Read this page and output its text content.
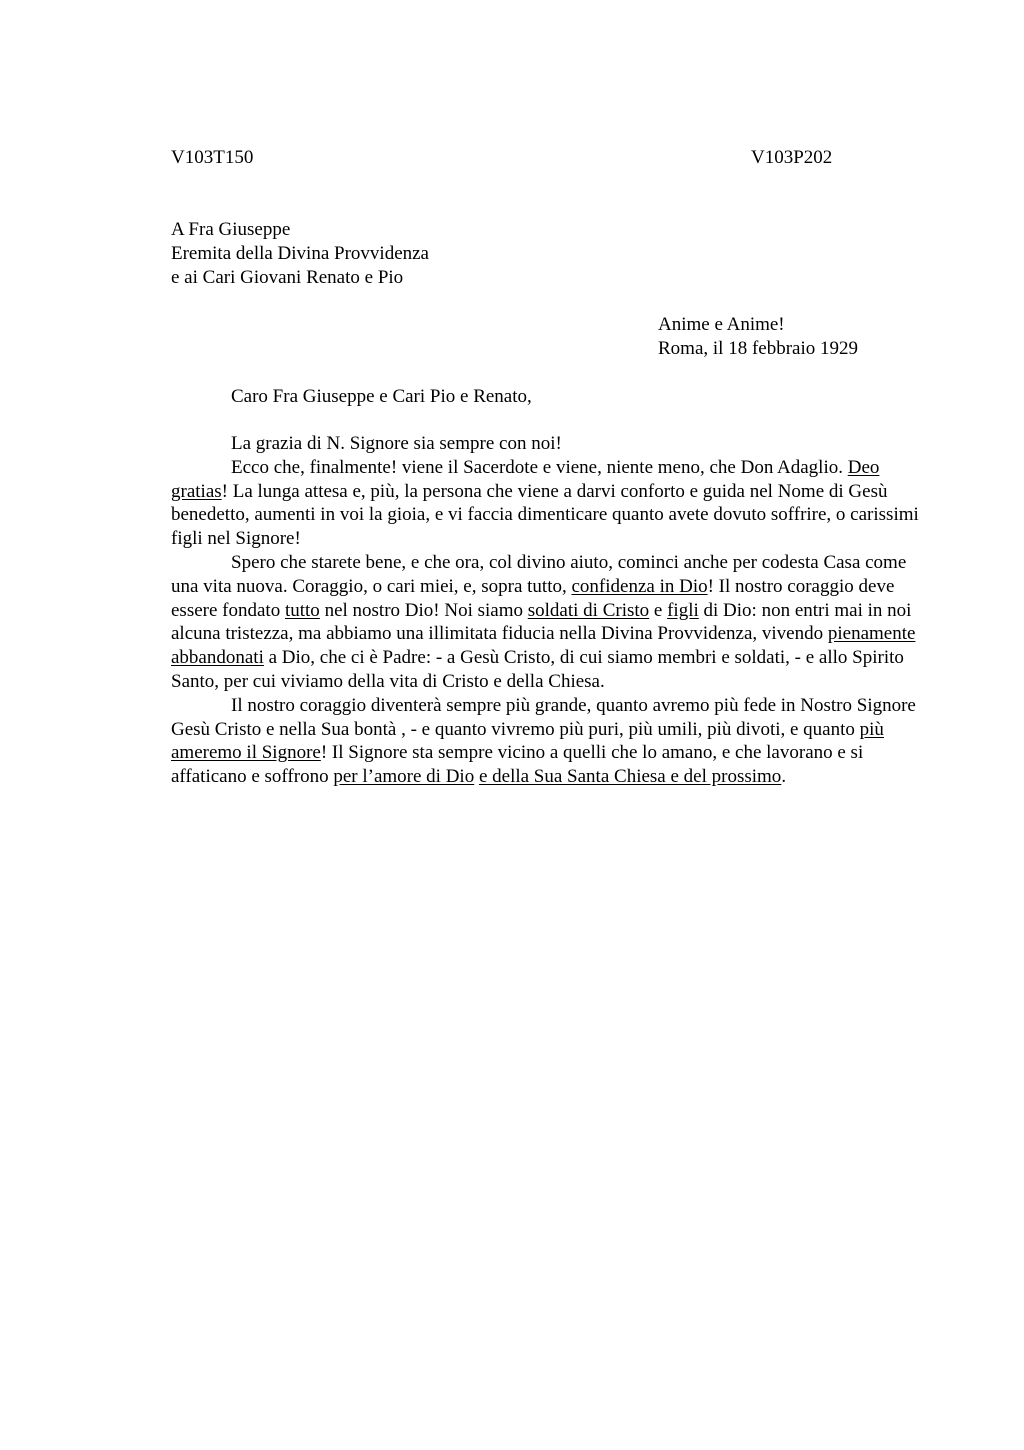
V103T150	V103P202
A Fra Giuseppe
Eremita della Divina Provvidenza
e ai Cari Giovani Renato e Pio
Anime e Anime!
Roma, il 18 febbraio 1929
Caro Fra Giuseppe e Cari Pio e Renato,

La grazia di N. Signore sia sempre con noi!

Ecco che, finalmente! viene il Sacerdote e viene, niente meno, che Don Adaglio. Deo gratias! La lunga attesa e, più, la persona che viene a darvi conforto e guida nel Nome di Gesù benedetto, aumenti in voi la gioia, e vi faccia dimenticare quanto avete dovuto soffrire, o carissimi figli nel Signore!

Spero che starete bene, e che ora, col divino aiuto, cominci anche per codesta Casa come una vita nuova. Coraggio, o cari miei, e, sopra tutto, confidenza in Dio! Il nostro coraggio deve essere fondato tutto nel nostro Dio! Noi siamo soldati di Cristo e figli di Dio: non entri mai in noi alcuna tristezza, ma abbiamo una illimitata fiducia nella Divina Provvidenza, vivendo pienamente abbandonati a Dio, che ci è Padre: - a Gesù Cristo, di cui siamo membri e soldati, - e allo Spirito Santo, per cui viviamo della vita di Cristo e della Chiesa.

Il nostro coraggio diventerà sempre più grande, quanto avremo più fede in Nostro Signore Gesù Cristo e nella Sua bontà , - e quanto vivremo più puri, più umili, più divoti, e quanto più ameremo il Signore! Il Signore sta sempre vicino a quelli che lo amano, e che lavorano e si affaticano e soffrono per l’amore di Dio e della Sua Santa Chiesa e del prossimo.
